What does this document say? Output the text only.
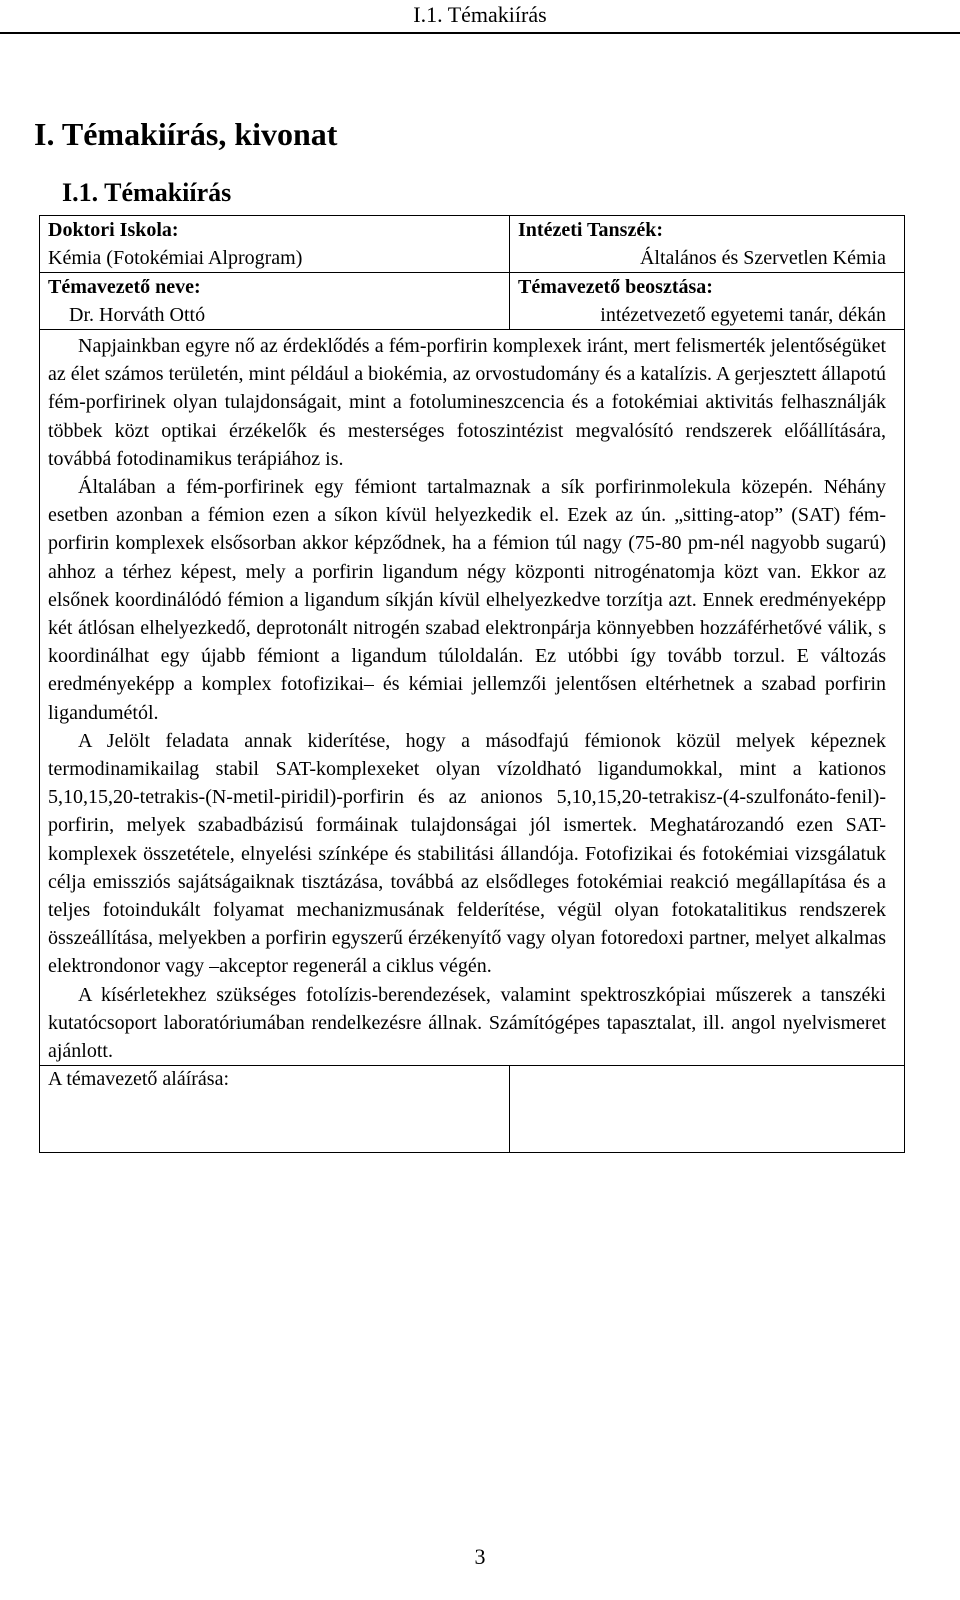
I.1. Témakiírás
I. Témakiírás, kivonat
I.1. Témakiírás
Doktori Iskola:
Kémia (Fotokémiai Alprogram)
Intézeti Tanszék:
Általános és Szervetlen Kémia
Témavezető neve:
Dr. Horváth Ottó
Témavezető beosztása:
intézetvezető egyetemi tanár, dékán

Napjainkban egyre nő az érdeklődés a fém-porfirin komplexek iránt, mert felismerték jelentőségüket az élet számos területén, mint például a biokémia, az orvostudomány és a katalízis. A gerjesztett állapotú fém-porfirinek olyan tulajdonságait, mint a fotolumineszcencia és a fotokémiai aktivitás felhasználják többek közt optikai érzékelők és mesterséges fotoszintézist megvalósító rendszerek előállítására, továbbá fotodinamikus terápiához is.

Általában a fém-porfirinek egy fémiont tartalmaznak a sík porfirinmolekula közepén. Néhány esetben azonban a fémion ezen a síkon kívül helyezkedik el. Ezek az ún. „sitting-atop” (SAT) fém-porfirin komplexek elsősorban akkor képződnek, ha a fémion túl nagy (75-80 pm-nél nagyobb sugarú) ahhoz a térhez képest, mely a porfirin ligandum négy központi nitrogénatomja közt van. Ekkor az elsőnek koordinálódó fémion a ligandum síkján kívül elhelyezkedve torzítja azt. Ennek eredményeképp két átlósan elhelyezkedő, deprotonált nitrogén szabad elektronpárja könnyebben hozzáférhetővé válik, s koordinálhat egy újabb fémiont a ligandum túloldalán. Ez utóbbi így tovább torzul. E változás eredményeképp a komplex fotofizikai– és kémiai jellemzői jelentősen eltérhetnek a szabad porfirin ligandumétól.

A Jelölt feladata annak kiderítése, hogy a másodfajú fémionok közül melyek képeznek termodinamikailag stabil SAT-komplexeket olyan vízoldható ligandumokkal, mint a kationos 5,10,15,20-tetrakis-(N-metil-piridil)-porfirin és az anionos 5,10,15,20-tetrakisz-(4-szulfonáto-fenil)-porfirin, melyek szabadbázisú formáinak tulajdonságai jól ismertek. Meghatározandó ezen SAT-komplexek összetétele, elnyelési színképe és stabilitási állandója. Fotofizikai és fotokémiai vizsgálatuk célja emissziós sajátságaiknak tisztázása, továbbá az elsődleges fotokémiai reakció megállapítása és a teljes fotoindukált folyamat mechanizmusának felderítése, végül olyan fotokatalitikus rendszerek összeállítása, melyekben a porfirin egyszerű érzékenyítő vagy olyan fotoredoxi partner, melyet alkalmas elektrondonor vagy –akceptor regenerál a ciklus végén.

A kísérletekhez szükséges fotolízis-berendezések, valamint spektroszkópiai műszerek a tanszéki kutatócsoport laboratóriumában rendelkezésre állnak. Számítógépes tapasztalat, ill. angol nyelvismeret ajánlott.

A témavezető aláírása:
3
